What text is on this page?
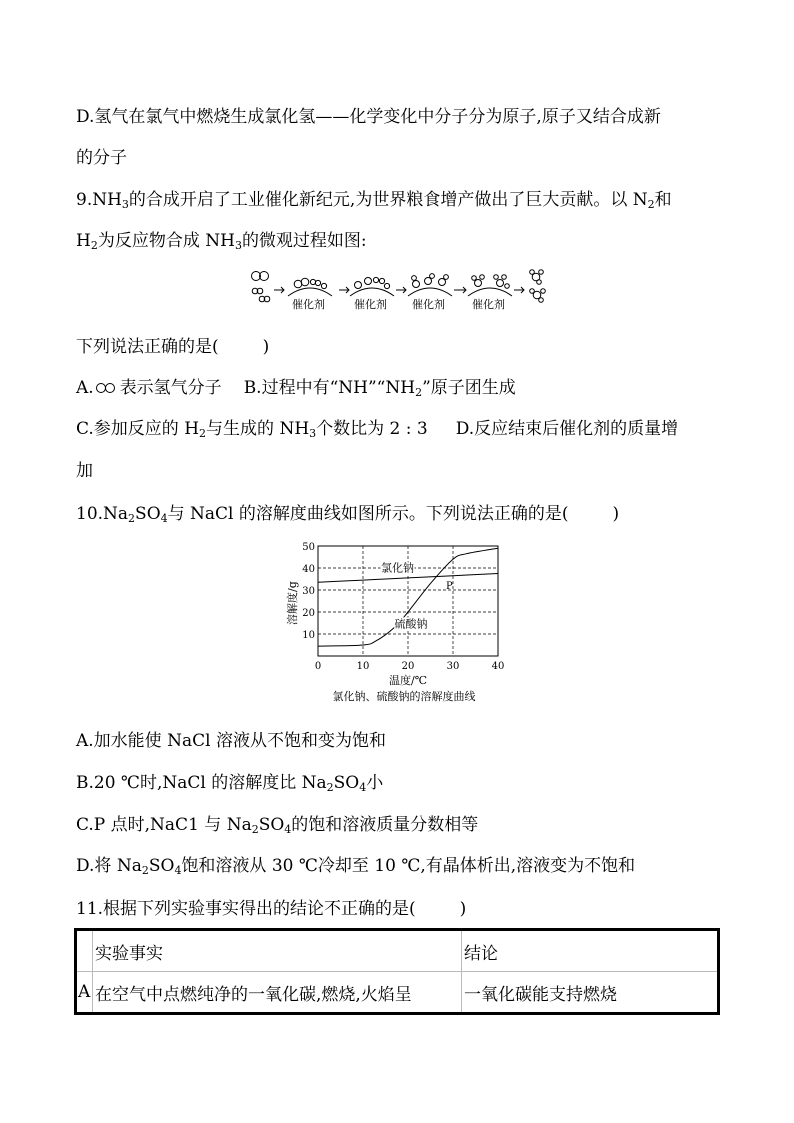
D.氢气在氯气中燃烧生成氯化氢——化学变化中分子分为原子,原子又结合成新
的分子
$9.NH_3$的合成开启了工业催化新纪元,为世界粮食增产做出了巨大贡献。以 $N_2$和
$H_2$为反应物合成 $NH_3$的微观过程如图:
催化剂	催化剂 催化剂 催化剂
下列说法正确的是(	)
A. 表示氢气分子 B.过程中有“$NH”“NH_2$”原子团生成
C.参加反应的 $H_2$与生成的 $NH_3$个数比为 2 : 3 D.反应结束后催化剂的质量增
加
$10.Na_2SO_4$与 NaCl 的溶解度曲线如图所示。下列说法正确的是(	)
氯化钠
硫酸钠
P
0	10	20	30	40
10
20
30
40
50
溶解度/g
温度/℃
氯化钠、硫酸钠的溶解度曲线
A.加水能使 NaCl 溶液从不饱和变为饱和
B.20 ℃时,NaCl 的溶解度比 $Na_2SO_4$小
C.P 点时,NaC1 与 $Na_2SO_4$的饱和溶液质量分数相等
D.将 $Na_2SO_4$饱和溶液从 30 ℃冷却至 10 ℃,有晶体析出,溶液变为不饱和
11.根据下列实验事实得出的结论不正确的是(	)
	实验事实	结论
A	在空气中点燃纯净的一氧化碳,燃烧,火焰呈	一氧化碳能支持燃烧
